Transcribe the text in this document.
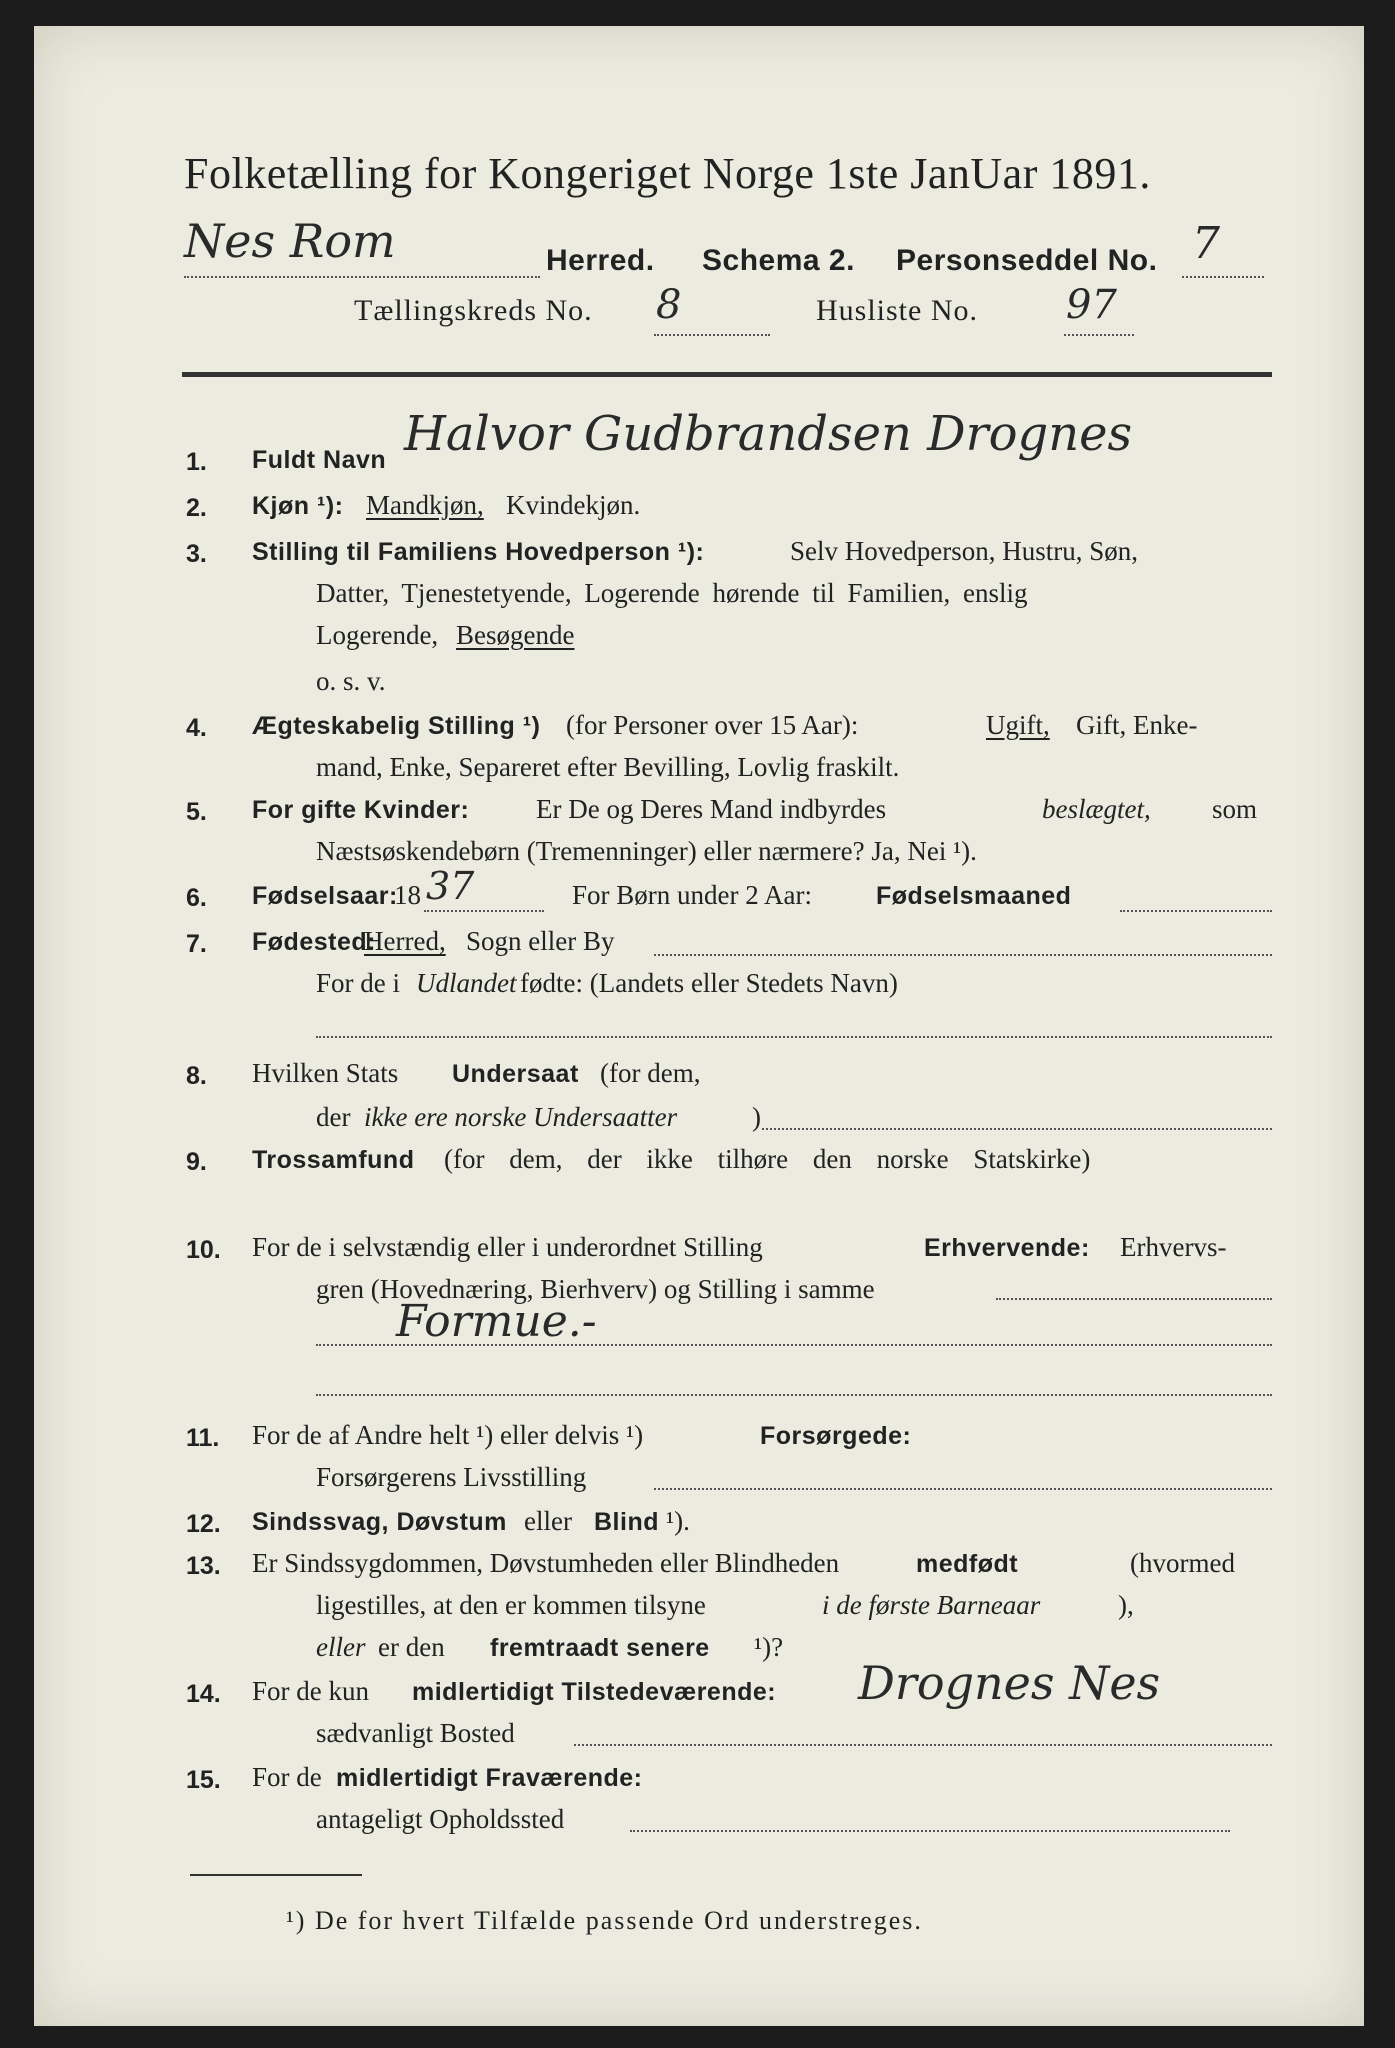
Folketælling for Kongeriget Norge 1ste JanUar 1891.
Nes Rom	Herred. Schema 2. Personseddel No. 7
Tællingskreds No. 8	Husliste No. 97
1. Fuldt Navn Halvor Gudbrandsen Drognes
2. Kjøn ¹): Mandkjøn, Kvindekjøn.
3. Stilling til Familiens Hovedperson ¹):	Selv Hovedperson, Hustru, Søn,
Datter, Tjenestetyende, Logerende hørende til Familien, enslig
Logerende, Besøgende
o. s. v.
4. Ægteskabelig Stilling ¹) (for Personer over 15 Aar):	Ugift, Gift, Enke-
mand, Enke, Separeret efter Bevilling, Lovlig fraskilt.
5. For gifte Kvinder: Er De og Deres Mand indbyrdes	beslægtet, som
Næstsøskendebørn (Tremenninger) eller nærmere? Ja, Nei ¹).
6. Fødselsaar:
18 37	For Børn under 2 Aar:	Fødselsmaaned
7. Fødested:
Herred, Sogn eller By
For de i Udlandet fødte: (Landets eller Stedets Navn)
8. Hvilken Stats Undersaat (for dem,
der ikke ere norske Undersaatter	)
9. Trossamfund (for dem, der ikke tilhøre den norske Statskirke)
10. For de i selvstændig eller i underordnet Stilling	Erhvervende: Erhvervs-
gren (Hovednæring, Bierhverv) og Stilling i samme
Formue.-
11. For de af Andre helt ¹) eller delvis ¹)	Forsørgede:
Forsørgerens Livsstilling
12. Sindssvag, Døvstum eller Blind ¹).
13. Er Sindssygdommen, Døvstumheden eller Blindheden	medfødt	(hvormed
ligestilles, at den er kommen tilsyne	i de første Barneaar	),
eller er den fremtraadt senere ¹)?
14. For de kun midlertidigt Tilstedeværende:
sædvanligt Bosted
Drognes Nes
15. For de midlertidigt Fraværende:
antageligt Opholdssted
¹) De for hvert Tilfælde passende Ord understreges.
